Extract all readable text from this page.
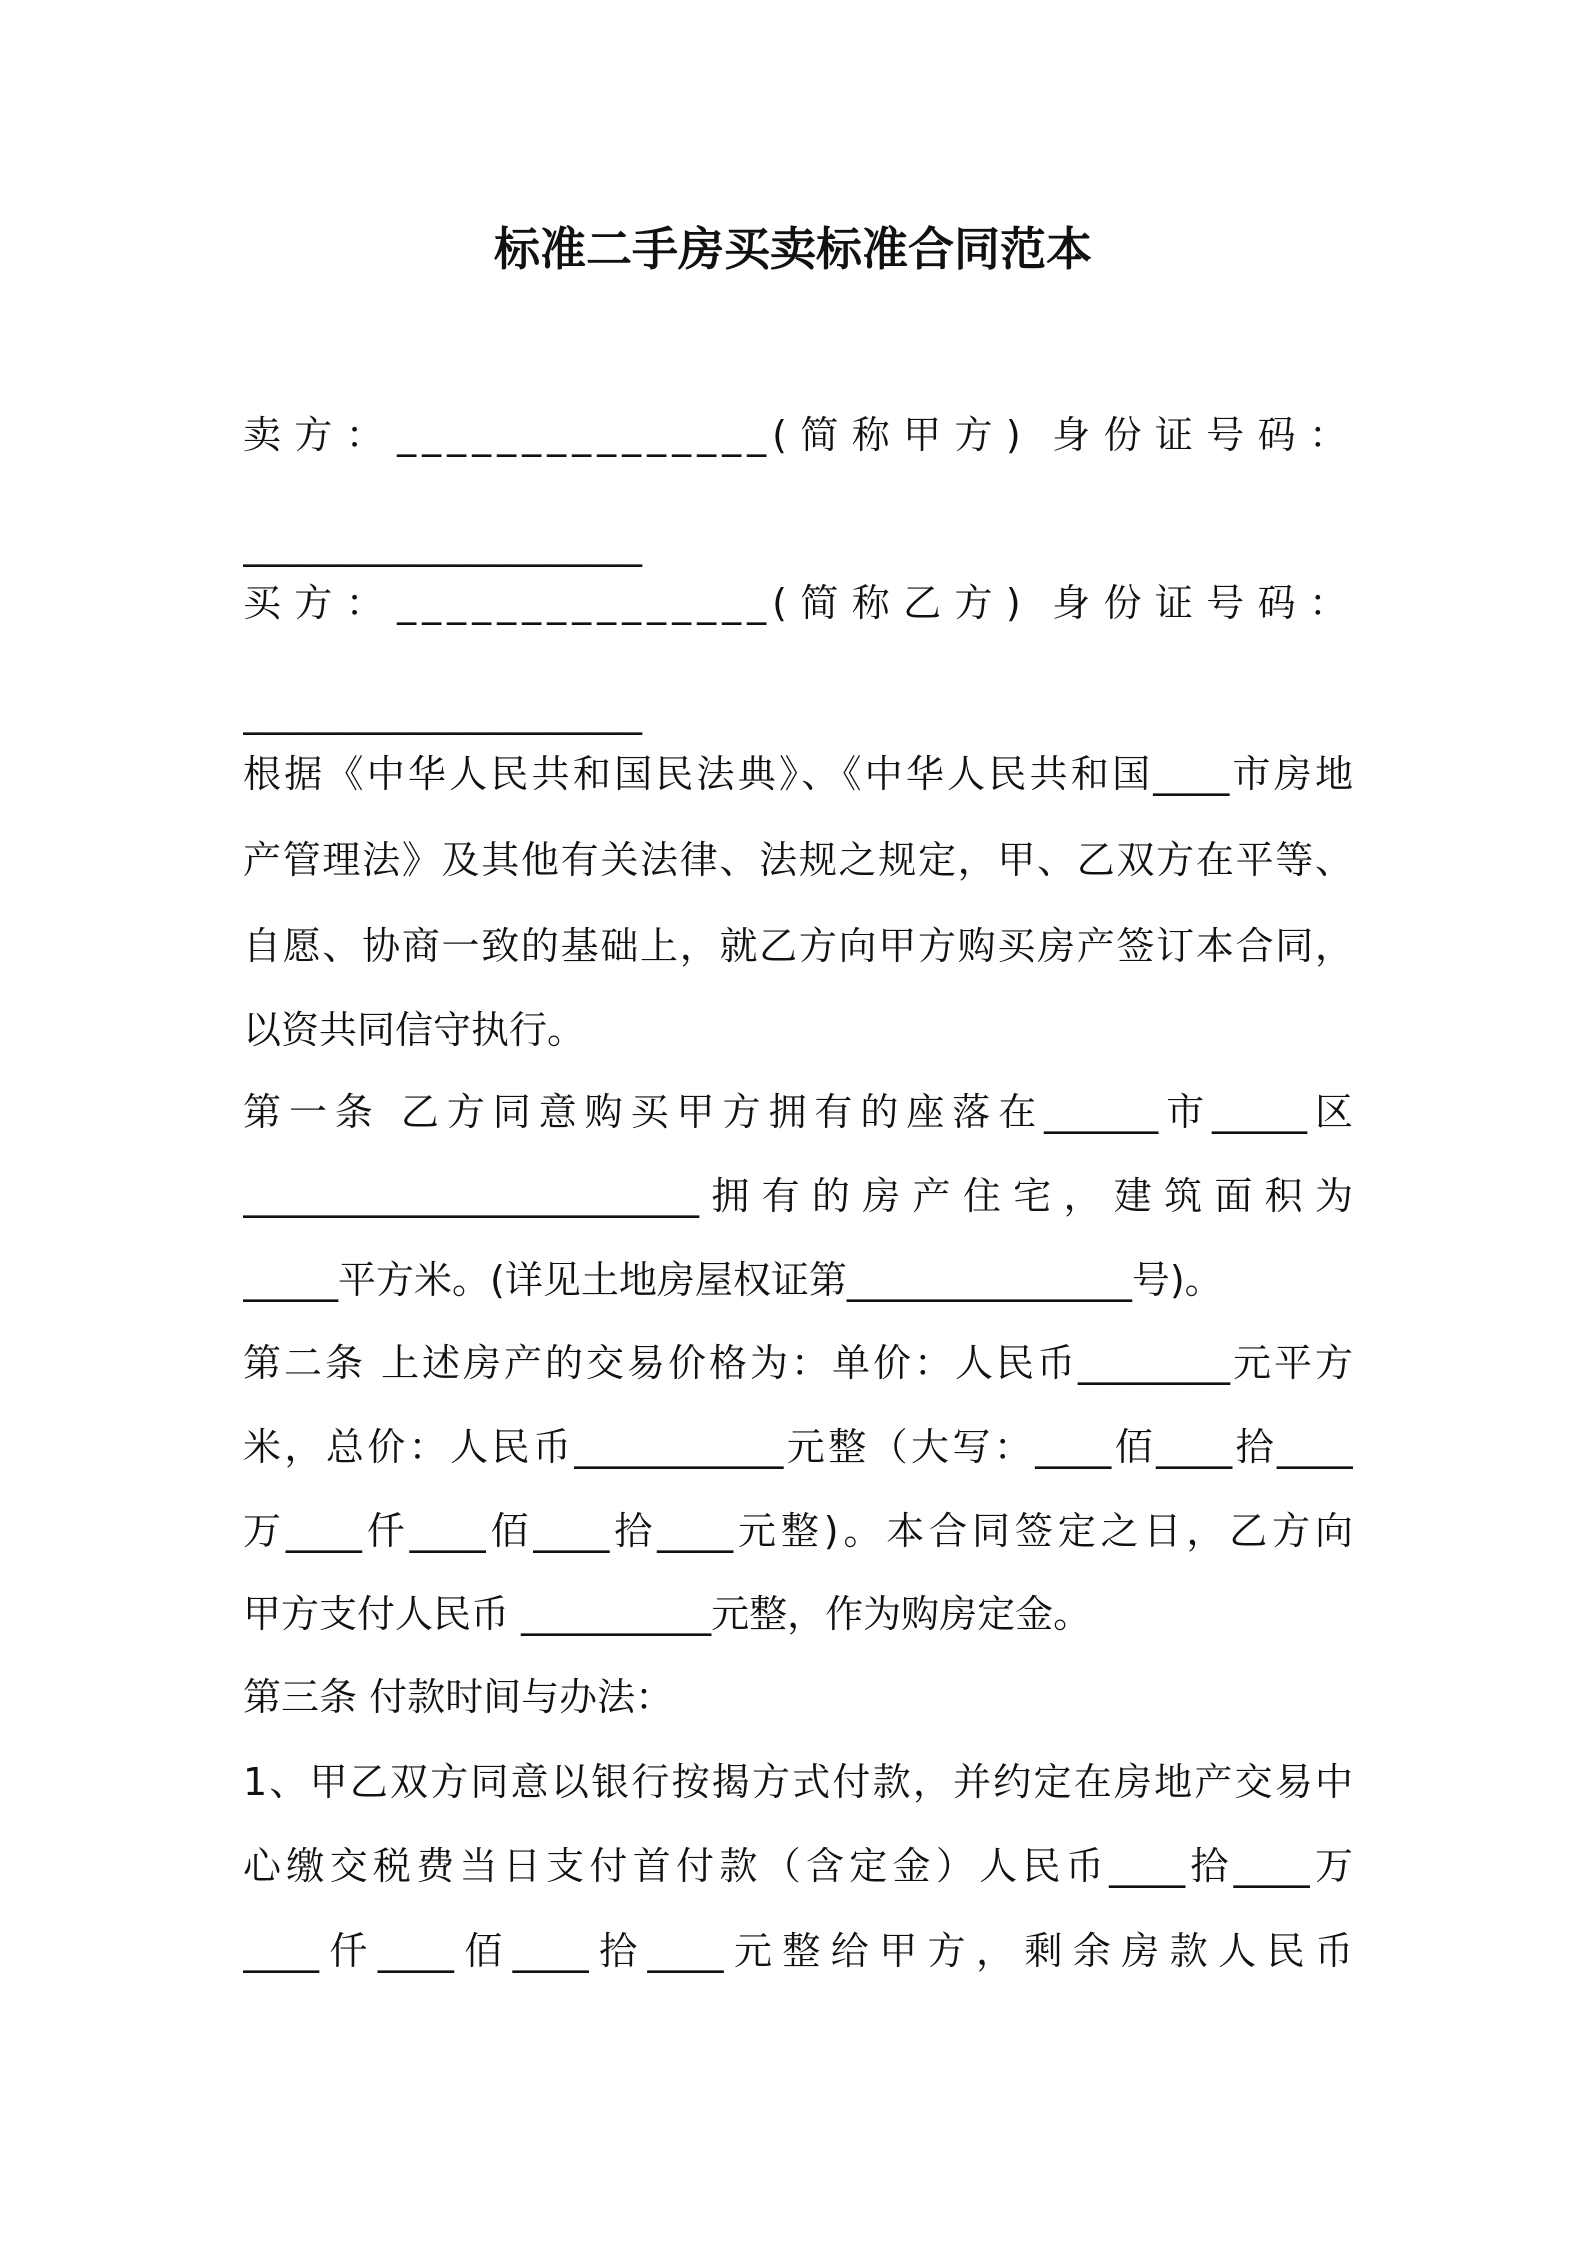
标准二手房买卖标准合同范本
卖方：_______________(简称甲方) 身份证号码：
_____________________
买方：_______________(简称乙方) 身份证号码：
_____________________
根据《中华人民共和国民法典》、《中华人民共和国____市房地
产管理法》及其他有关法律、法规之规定，甲、乙双方在平等、
自愿、协商一致的基础上，就乙方向甲方购买房产签订本合同，
以资共同信守执行。
第一条 乙方同意购买甲方拥有的座落在______市_____区
________________________拥有的房产住宅，建筑面积为
_____平方米。(详见土地房屋权证第_______________号)。
第二条 上述房产的交易价格为：单价：人民币________元平方
米，总价：人民币___________元整（大写：____佰____拾____
万____仟____佰____拾____元整)。本合同签定之日，乙方向
甲方支付人民币 __________元整，作为购房定金。
第三条 付款时间与办法：
1、甲乙双方同意以银行按揭方式付款，并约定在房地产交易中
心缴交税费当日支付首付款（含定金）人民币____拾____万
____仟____佰____拾____元整给甲方，剩余房款人民币
